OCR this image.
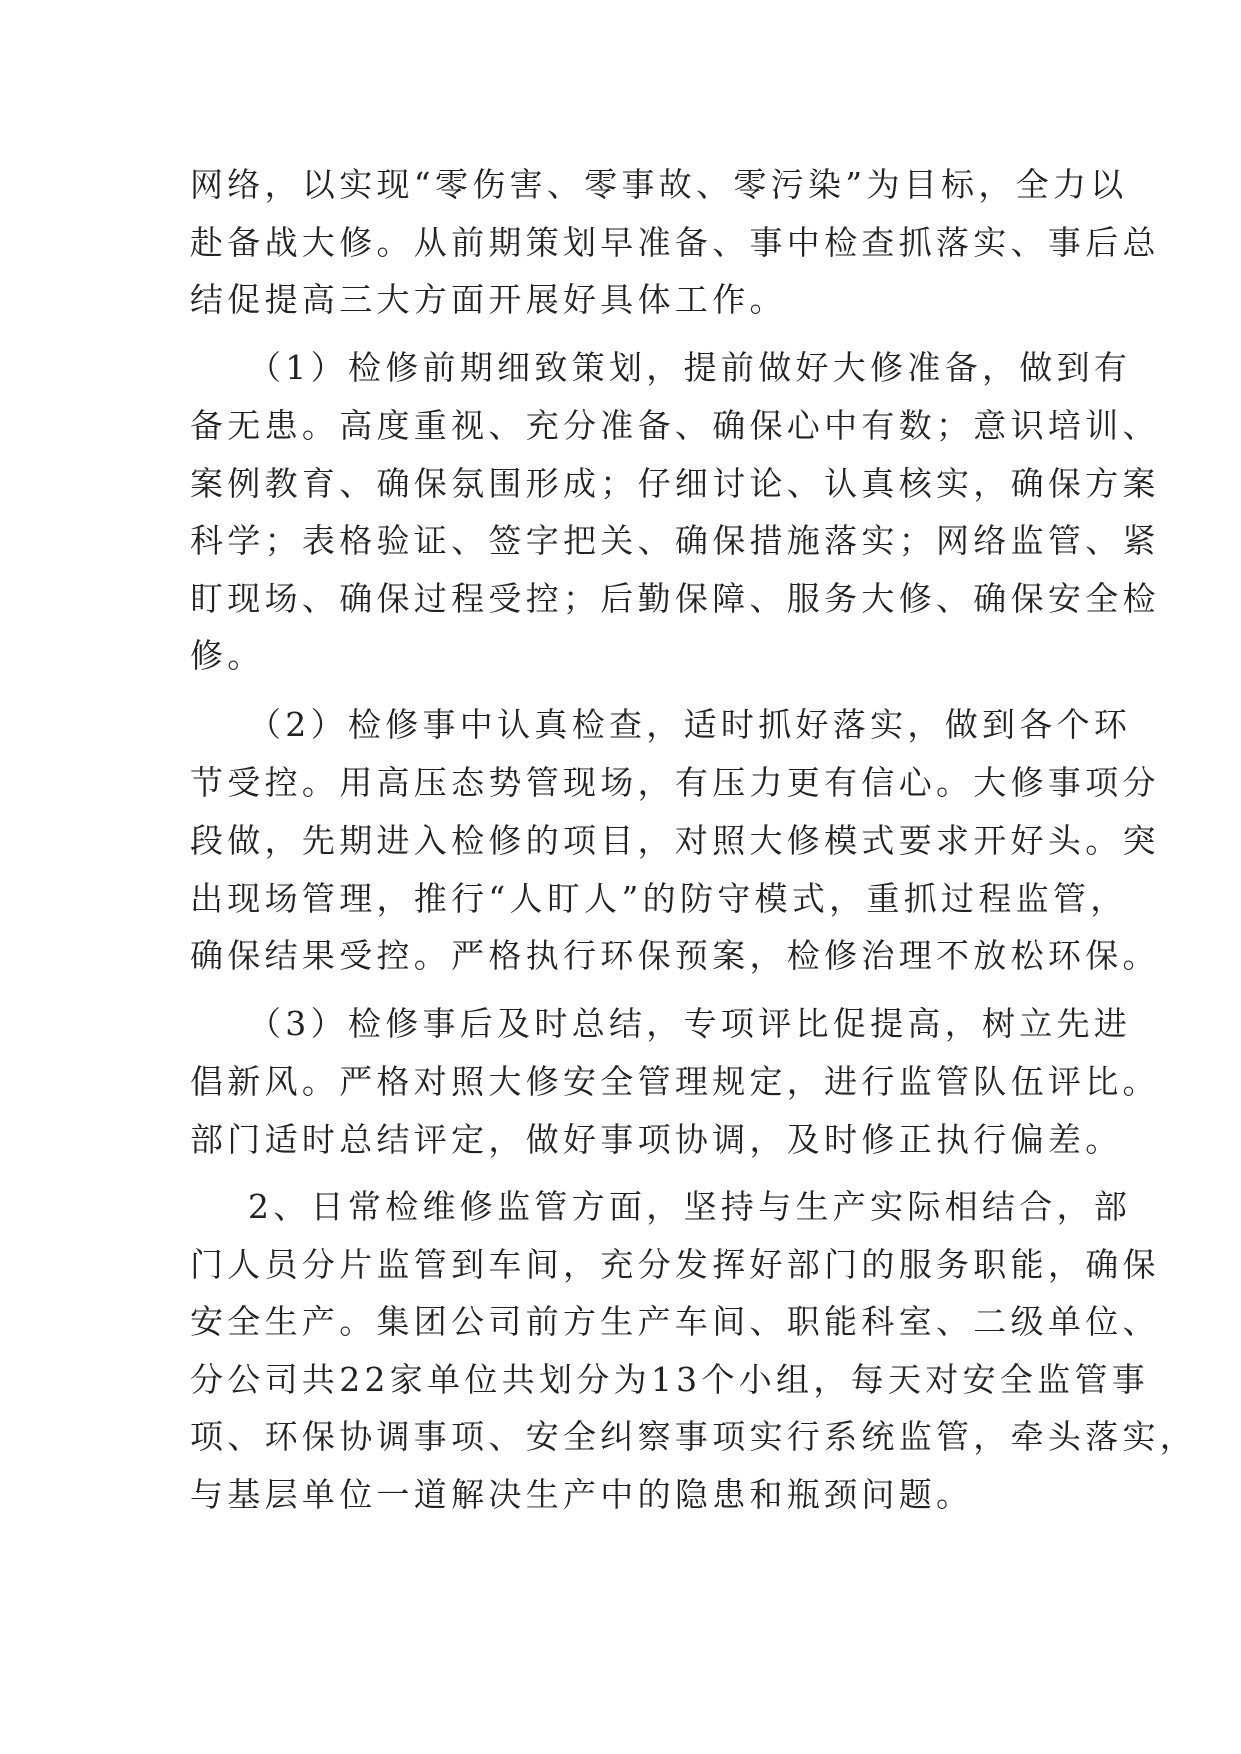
网络，以实现“零伤害、零事故、零污染”为目标，全力以
赴备战大修。从前期策划早准备、事中检查抓落实、事后总
结促提高三大方面开展好具体工作。
（1）检修前期细致策划，提前做好大修准备，做到有
备无患。高度重视、充分准备、确保心中有数；意识培训、
案例教育、确保氛围形成；仔细讨论、认真核实，确保方案
科学；表格验证、签字把关、确保措施落实；网络监管、紧
盯现场、确保过程受控；后勤保障、服务大修、确保安全检
修。
（2）检修事中认真检查，适时抓好落实，做到各个环
节受控。用高压态势管现场，有压力更有信心。大修事项分
段做，先期进入检修的项目，对照大修模式要求开好头。突
出现场管理，推行“人盯人”的防守模式，重抓过程监管，
确保结果受控。严格执行环保预案，检修治理不放松环保。
（3）检修事后及时总结，专项评比促提高，树立先进
倡新风。严格对照大修安全管理规定，进行监管队伍评比。
部门适时总结评定，做好事项协调，及时修正执行偏差。
2、日常检维修监管方面，坚持与生产实际相结合，部
门人员分片监管到车间，充分发挥好部门的服务职能，确保
安全生产。集团公司前方生产车间、职能科室、二级单位、
分公司共22家单位共划分为13个小组，每天对安全监管事
项、环保协调事项、安全纠察事项实行系统监管，牵头落实，
与基层单位一道解决生产中的隐患和瓶颈问题。
